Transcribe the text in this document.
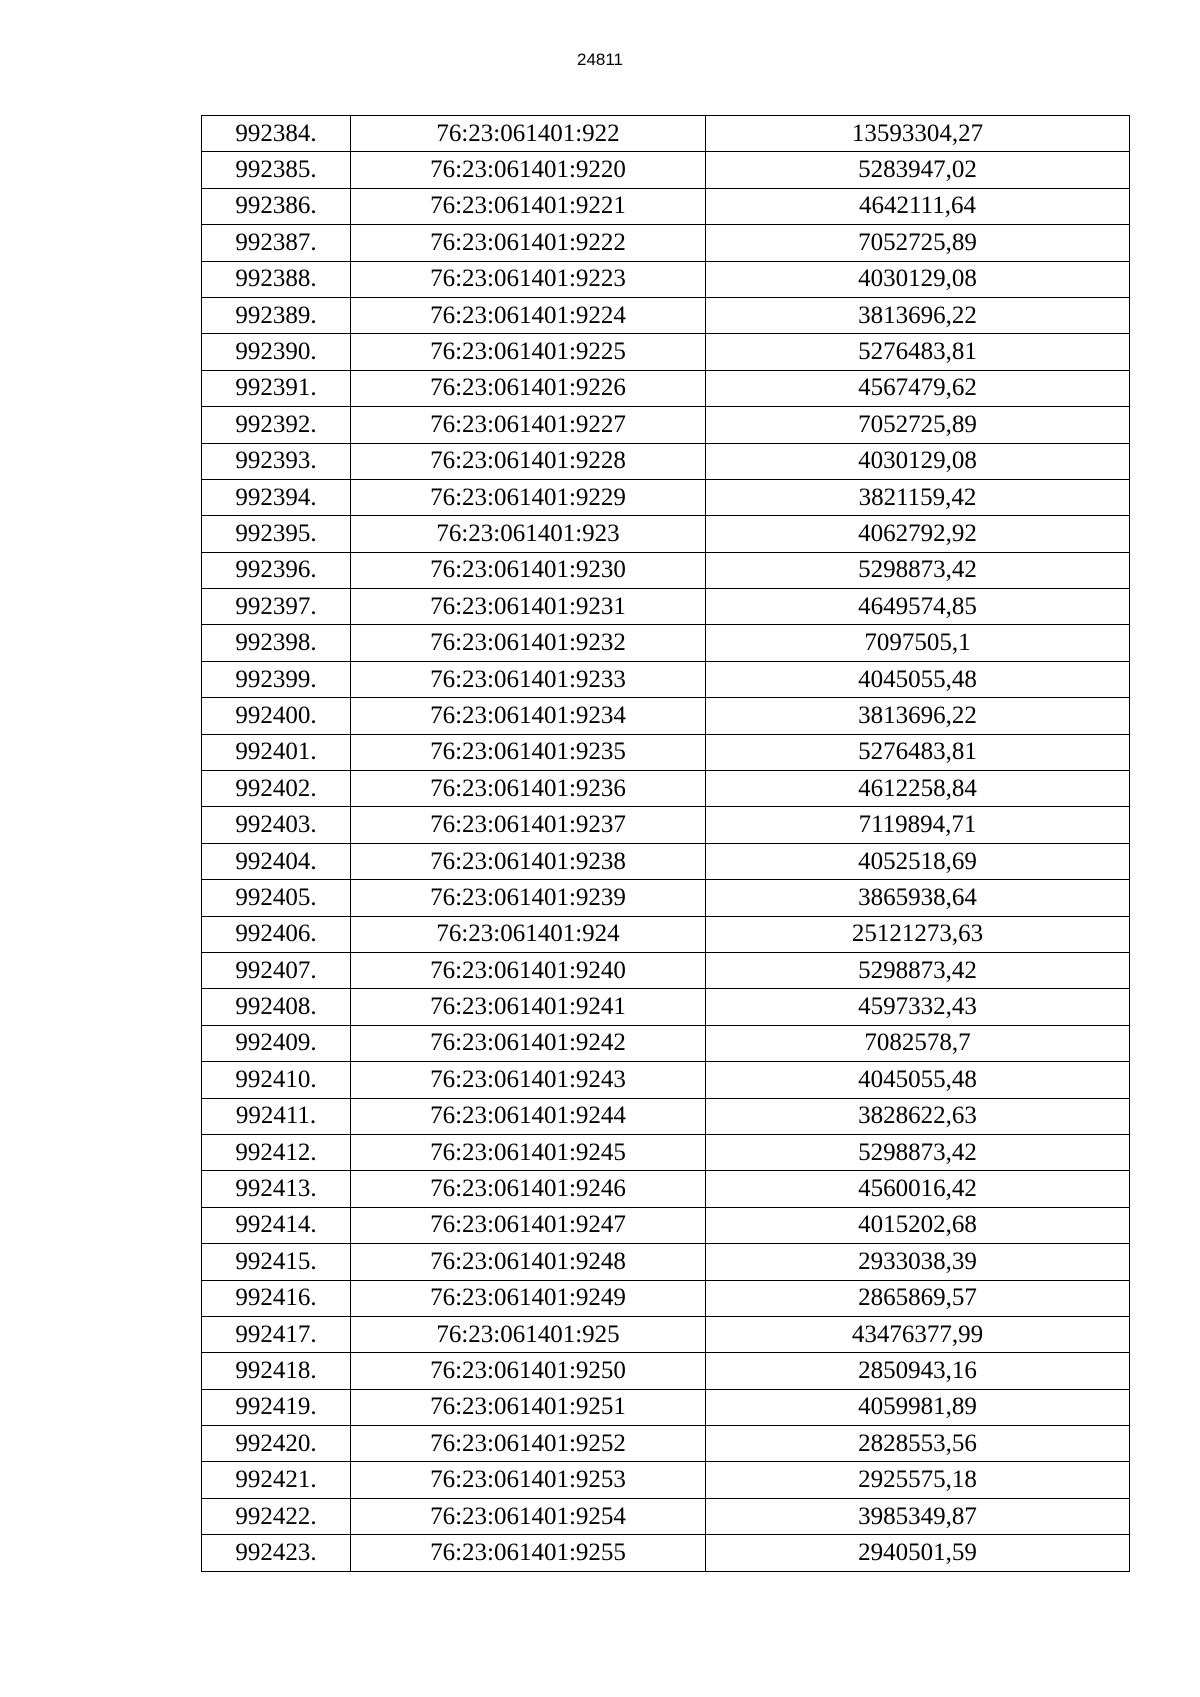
24811
992384.	76:23:061401:922	13593304,27
992385.	76:23:061401:9220	5283947,02
992386.	76:23:061401:9221	4642111,64
992387.	76:23:061401:9222	7052725,89
992388.	76:23:061401:9223	4030129,08
992389.	76:23:061401:9224	3813696,22
992390.	76:23:061401:9225	5276483,81
992391.	76:23:061401:9226	4567479,62
992392.	76:23:061401:9227	7052725,89
992393.	76:23:061401:9228	4030129,08
992394.	76:23:061401:9229	3821159,42
992395.	76:23:061401:923	4062792,92
992396.	76:23:061401:9230	5298873,42
992397.	76:23:061401:9231	4649574,85
992398.	76:23:061401:9232	7097505,1
992399.	76:23:061401:9233	4045055,48
992400.	76:23:061401:9234	3813696,22
992401.	76:23:061401:9235	5276483,81
992402.	76:23:061401:9236	4612258,84
992403.	76:23:061401:9237	7119894,71
992404.	76:23:061401:9238	4052518,69
992405.	76:23:061401:9239	3865938,64
992406.	76:23:061401:924	25121273,63
992407.	76:23:061401:9240	5298873,42
992408.	76:23:061401:9241	4597332,43
992409.	76:23:061401:9242	7082578,7
992410.	76:23:061401:9243	4045055,48
992411.	76:23:061401:9244	3828622,63
992412.	76:23:061401:9245	5298873,42
992413.	76:23:061401:9246	4560016,42
992414.	76:23:061401:9247	4015202,68
992415.	76:23:061401:9248	2933038,39
992416.	76:23:061401:9249	2865869,57
992417.	76:23:061401:925	43476377,99
992418.	76:23:061401:9250	2850943,16
992419.	76:23:061401:9251	4059981,89
992420.	76:23:061401:9252	2828553,56
992421.	76:23:061401:9253	2925575,18
992422.	76:23:061401:9254	3985349,87
992423.	76:23:061401:9255	2940501,59
